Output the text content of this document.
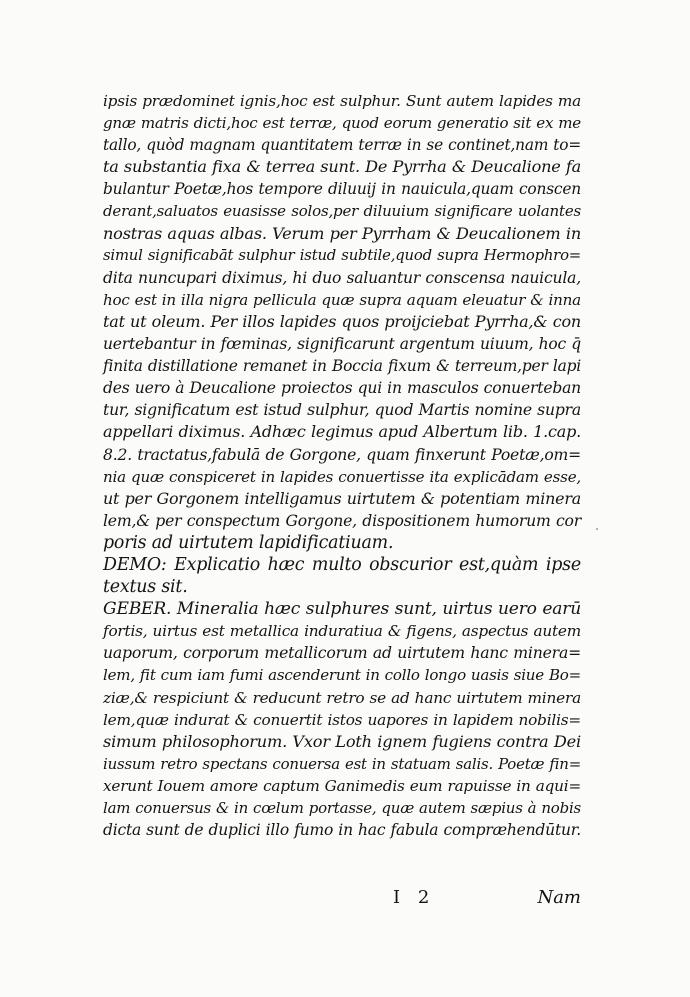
ipsis prædominet ignis,hoc est sulphur. Sunt autem lapides ma
gnæ matris dicti,hoc est terræ, quod eorum generatio sit ex me
tallo, quòd magnam quantitatem terræ in se continet,nam to=
ta substantia fixa & terrea sunt. De Pyrrha & Deucalione fa
bulantur Poetæ,hos tempore diluuij in nauicula,quam conscen
derant,saluatos euasisse solos,per diluuium significare uolantes
nostras aquas albas. Verum per Pyrrham & Deucalionem in
simul significabāt sulphur istud subtile,quod supra Hermophro=
dita nuncupari diximus, hi duo saluantur conscensa nauicula,
hoc est in illa nigra pellicula quæ supra aquam eleuatur & inna
tat ut oleum. Per illos lapides quos proijciebat Pyrrha,& con
uertebantur in fœminas, significarunt argentum uiuum, hoc q̄
finita distillatione remanet in Boccia fixum & terreum,per lapi
des uero à Deucalione proiectos qui in masculos conuerteban
tur, significatum est istud sulphur, quod Martis nomine supra
appellari diximus. Adhæc legimus apud Albertum lib. 1.cap.
8.2. tractatus,fabulā de Gorgone, quam finxerunt Poetæ,om=
nia quæ conspiceret in lapides conuertisse ita explicādam esse,
ut per Gorgonem intelligamus uirtutem & potentiam minera
lem,& per conspectum Gorgone, dispositionem humorum cor
poris ad uirtutem lapidificatiuam.
DEMO: Explicatio hæc multo obscurior est,quàm ipse
textus sit.
GEBER. Mineralia hæc sulphures sunt, uirtus uero earū
fortis, uirtus est metallica induratiua & figens, aspectus autem
uaporum, corporum metallicorum ad uirtutem hanc minera=
lem, fit cum iam fumi ascenderunt in collo longo uasis siue Bo=
ziæ,& respiciunt & reducunt retro se ad hanc uirtutem minera
lem,quæ indurat & conuertit istos uapores in lapidem nobilis=
simum philosophorum. Vxor Loth ignem fugiens contra Dei
iussum retro spectans conuersa est in statuam salis. Poetæ fin=
xerunt Iouem amore captum Ganimedis eum rapuisse in aqui=
lam conuersus & in cœlum portasse, quæ autem sæpius à nobis
dicta sunt de duplici illo fumo in hac fabula compræhendūtur.
I 2	Nam
